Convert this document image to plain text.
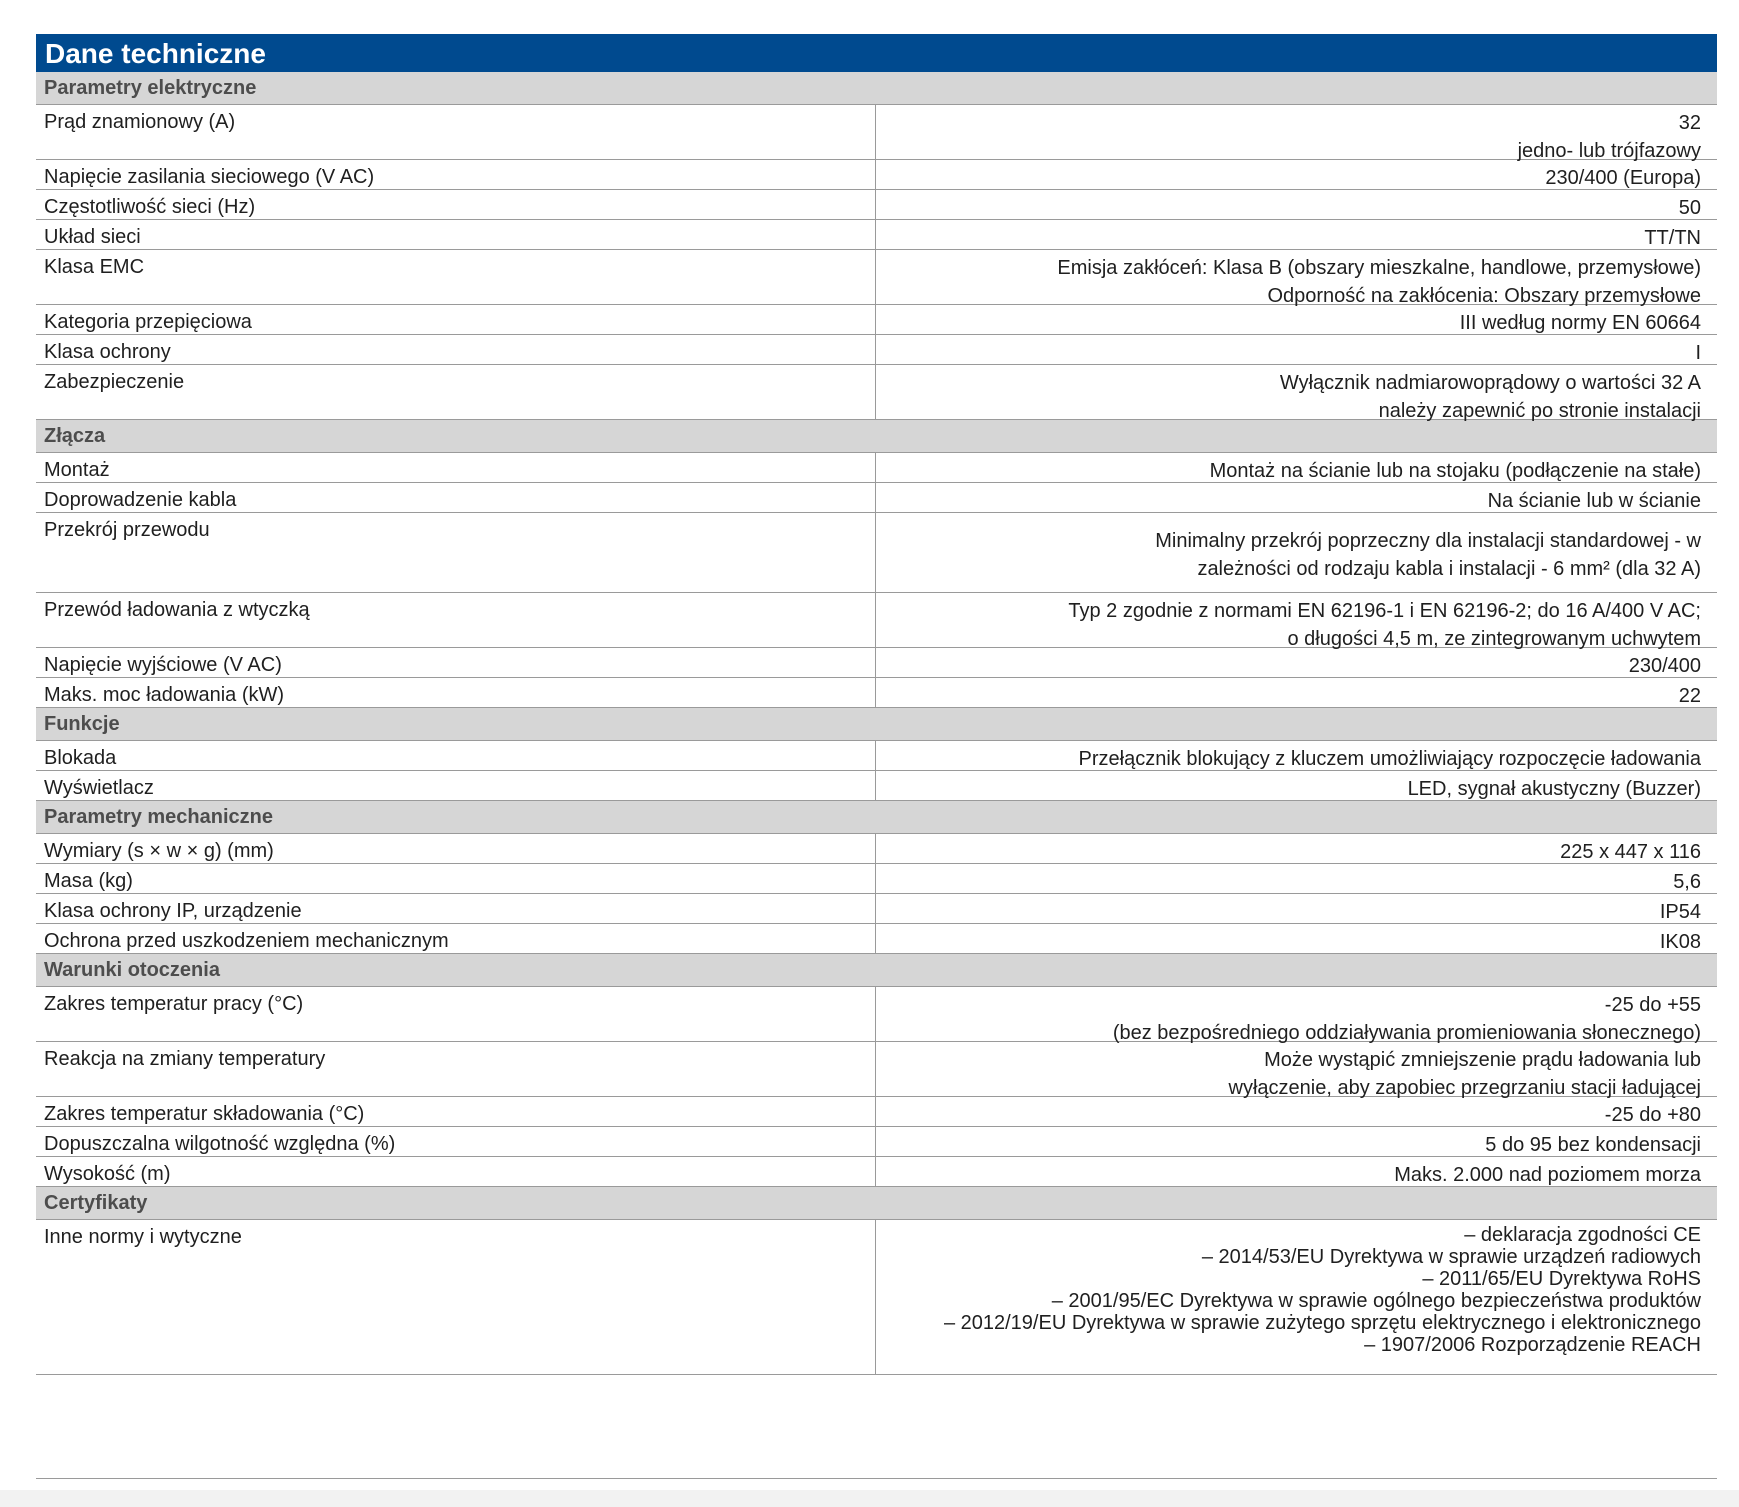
Dane techniczne
Parametry elektryczne
Prąd znamionowy (A)	32
jedno- lub trójfazowy
Napięcie zasilania sieciowego (V AC)	230/400 (Europa)
Częstotliwość sieci (Hz)	50
Układ sieci	TT/TN
Klasa EMC	Emisja zakłóceń: Klasa B (obszary mieszkalne, handlowe, przemysłowe)
Odporność na zakłócenia: Obszary przemysłowe
Kategoria przepięciowa	III według normy EN 60664
Klasa ochrony	I
Zabezpieczenie	Wyłącznik nadmiarowoprądowy o wartości 32 A
należy zapewnić po stronie instalacji
Złącza
Montaż	Montaż na ścianie lub na stojaku (podłączenie na stałe)
Doprowadzenie kabla	Na ścianie lub w ścianie
Przekrój przewodu	Minimalny przekrój poprzeczny dla instalacji standardowej - w
zależności od rodzaju kabla i instalacji - 6 mm² (dla 32 A)
Przewód ładowania z wtyczką	Typ 2 zgodnie z normami EN 62196-1 i EN 62196-2; do 16 A/400 V AC;
o długości 4,5 m, ze zintegrowanym uchwytem
Napięcie wyjściowe (V AC)	230/400
Maks. moc ładowania (kW)	22
Funkcje
Blokada	Przełącznik blokujący z kluczem umożliwiający rozpoczęcie ładowania
Wyświetlacz	LED, sygnał akustyczny (Buzzer)
Parametry mechaniczne
Wymiary (s × w × g) (mm)	225 x 447 x 116
Masa (kg)	5,6
Klasa ochrony IP, urządzenie	IP54
Ochrona przed uszkodzeniem mechanicznym	IK08
Warunki otoczenia
Zakres temperatur pracy (°C)	-25 do +55
(bez bezpośredniego oddziaływania promieniowania słonecznego)
Reakcja na zmiany temperatury	Może wystąpić zmniejszenie prądu ładowania lub
wyłączenie, aby zapobiec przegrzaniu stacji ładującej
Zakres temperatur składowania (°C)	-25 do +80
Dopuszczalna wilgotność względna (%)	5 do 95 bez kondensacji
Wysokość (m)	Maks. 2.000 nad poziomem morza
Certyfikaty
Inne normy i wytyczne	– deklaracja zgodności CE
– 2014/53/EU Dyrektywa w sprawie urządzeń radiowych
– 2011/65/EU Dyrektywa RoHS
– 2001/95/EC Dyrektywa w sprawie ogólnego bezpieczeństwa produktów
– 2012/19/EU Dyrektywa w sprawie zużytego sprzętu elektrycznego i elektronicznego
– 1907/2006 Rozporządzenie REACH
